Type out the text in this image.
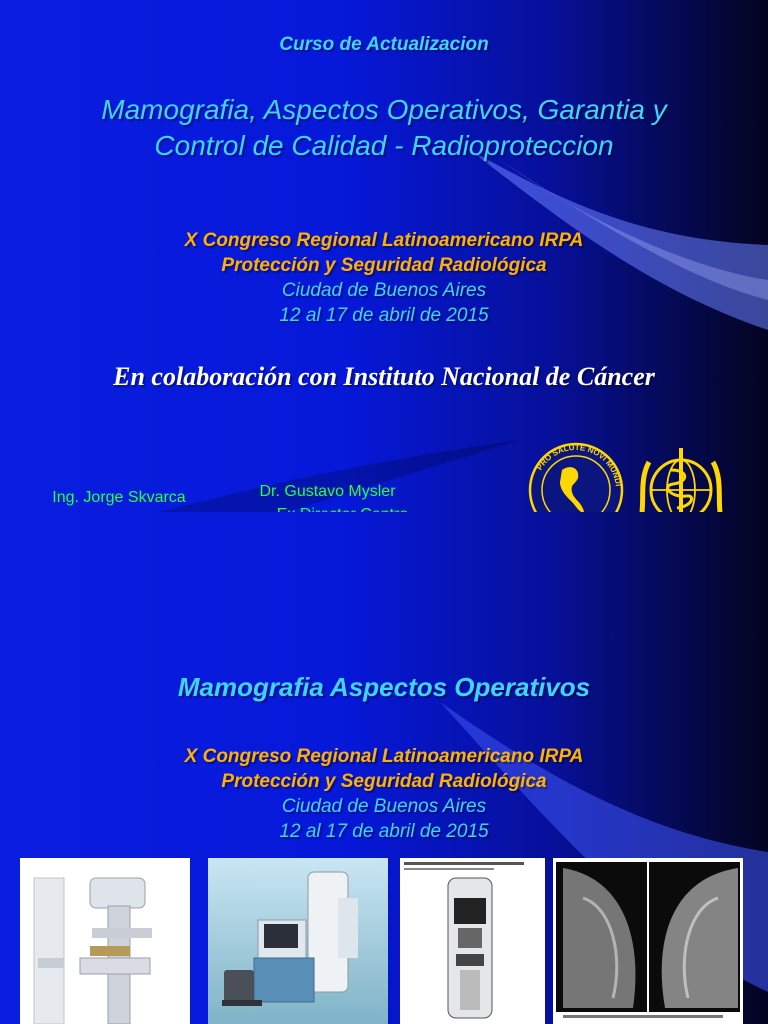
Curso de Actualizacion

Mamografia, Aspectos Operativos, Garantia y
Control de Calidad - Radioproteccion
X Congreso Regional Latinoamericano IRPA
Protección y Seguridad Radiológica
Ciudad de Buenos Aires
12 al 17 de abril de 2015

En colaboración con Instituto Nacional de Cáncer

Ing. Jorge Skvarca	Dr. Gustavo Mysler
PRO SALUTE NOVI MUNDI

Mamografia Aspectos Operativos

X Congreso Regional Latinoamericano IRPA
Protección y Seguridad Radiológica
Ciudad de Buenos Aires
12 al 17 de abril de 2015
